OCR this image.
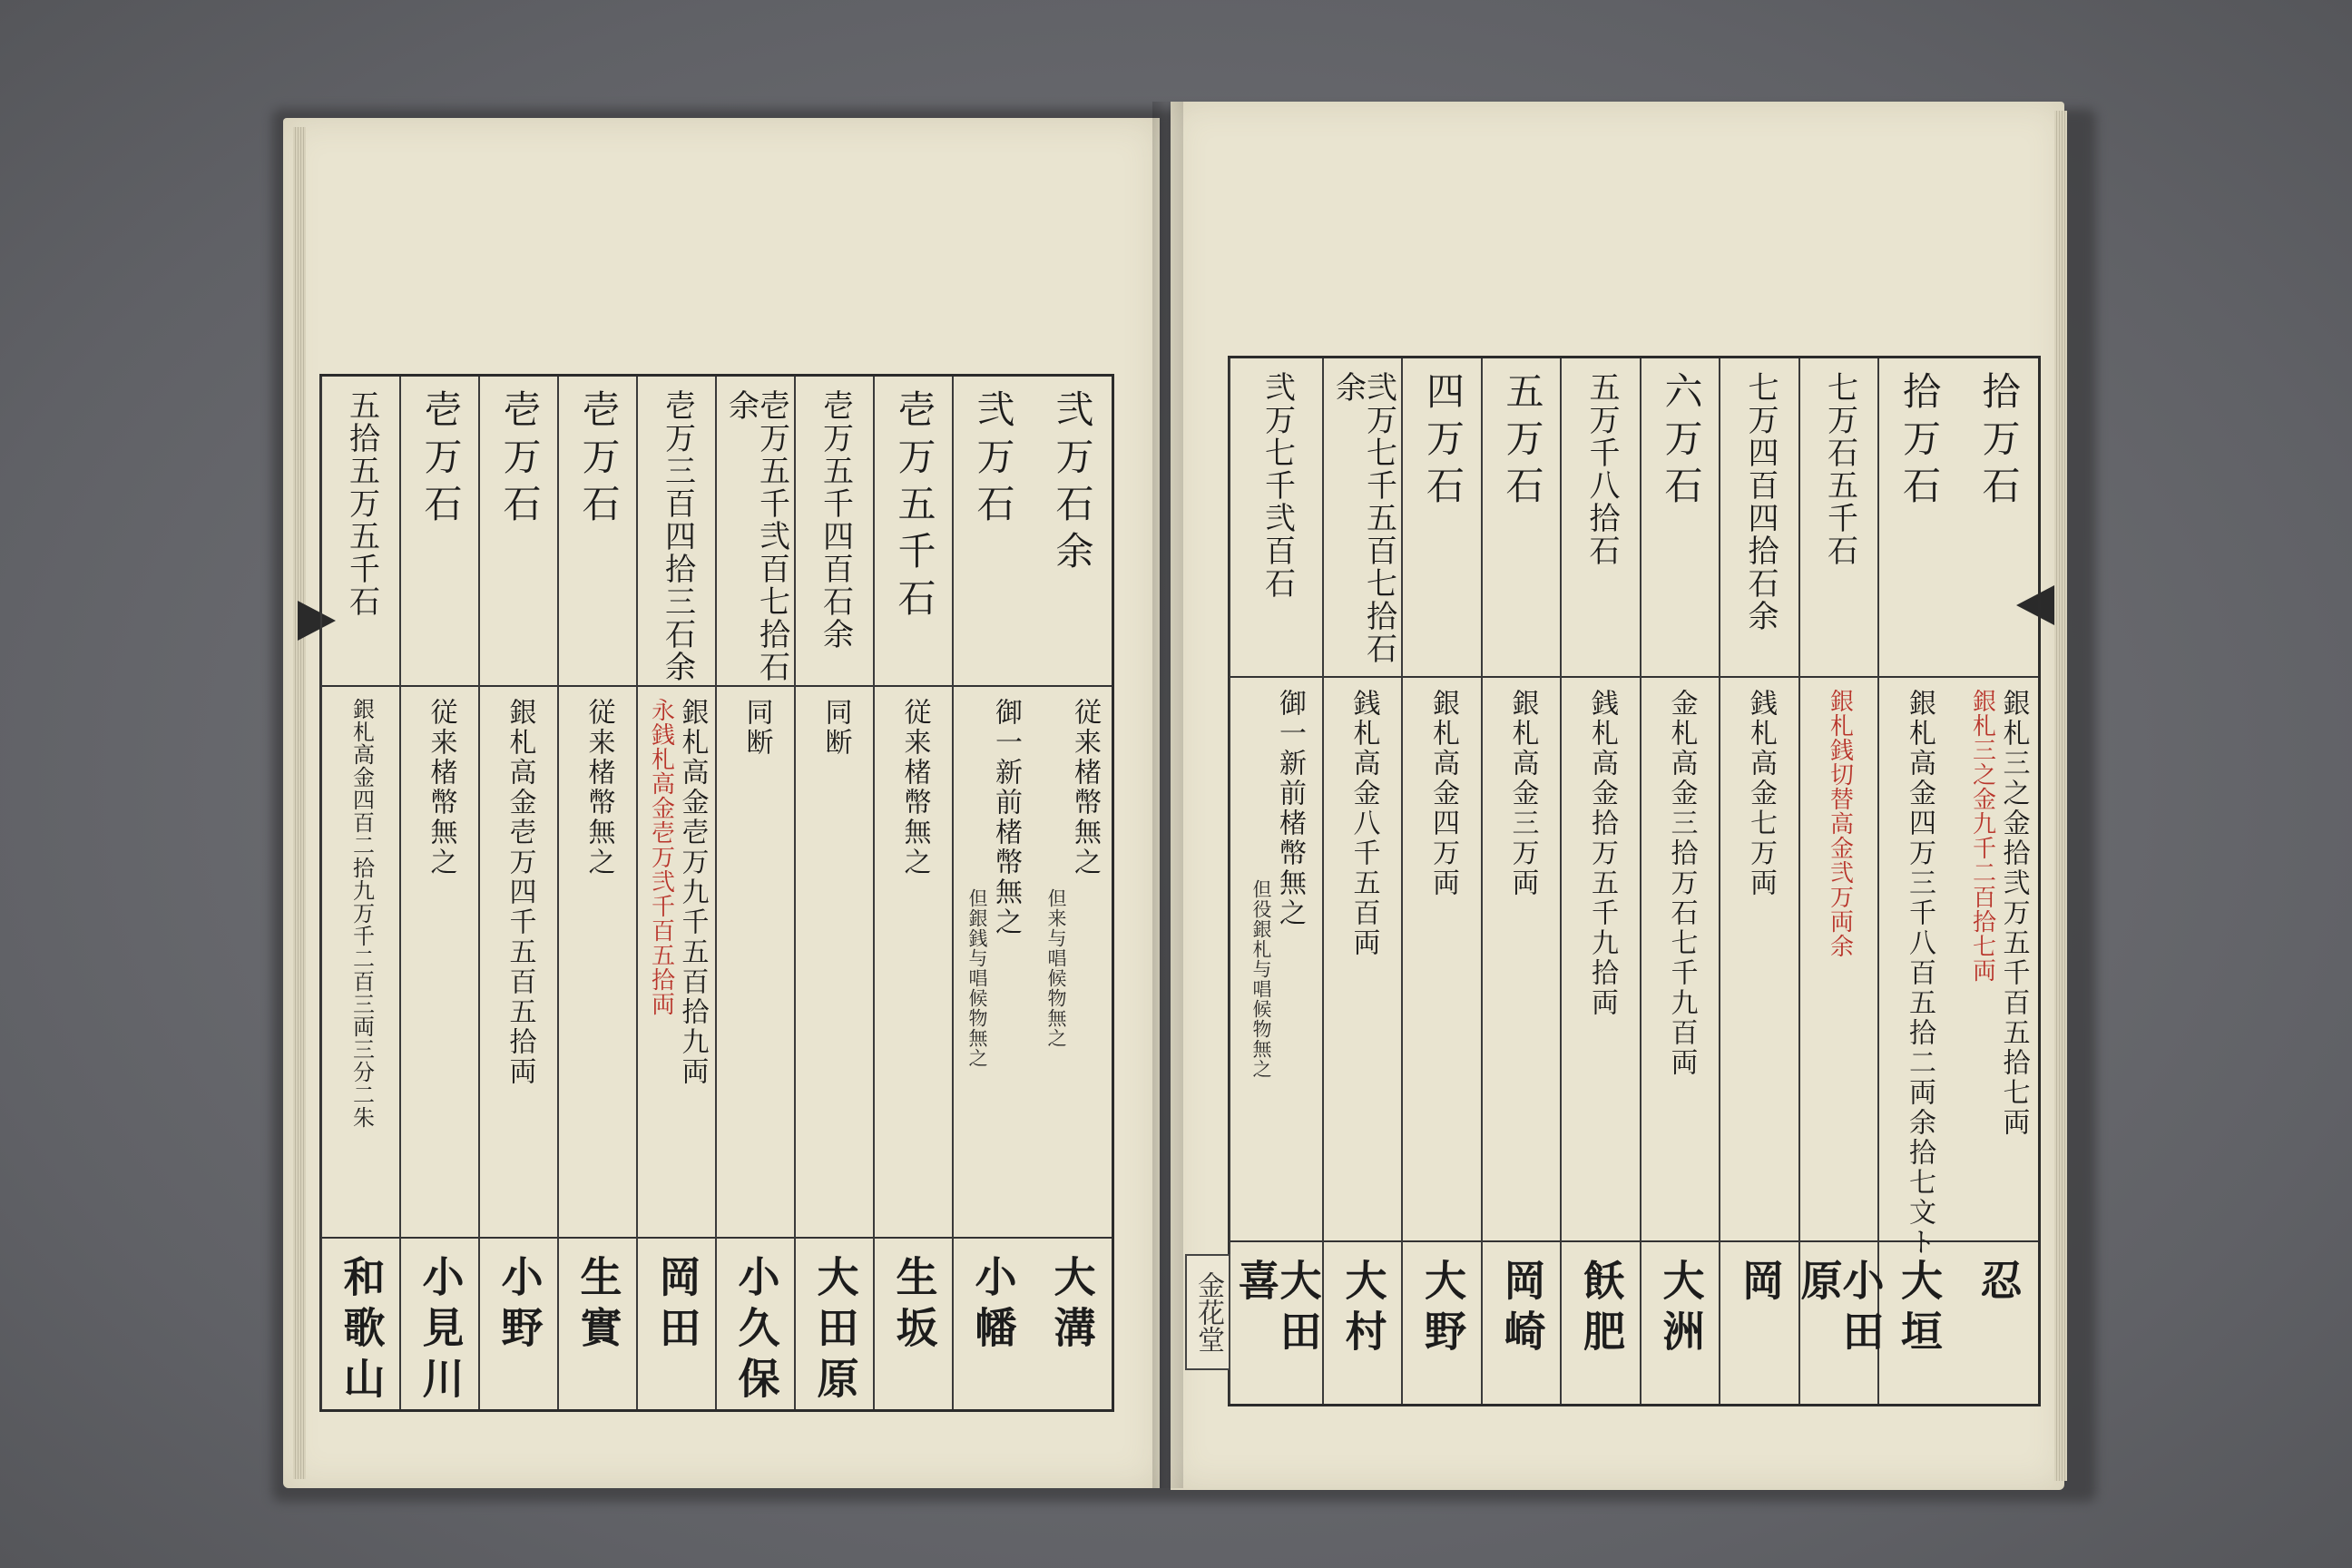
拾万石
銀札三之金拾弐万五千百五拾七両
銀札三之金九千二百拾七両
忍
拾万石
銀札高金四万三千八百五拾二両余拾七文ト
大垣
七万石五千石
銀札銭切替高金弐万両余
小田原
七万四百四拾石余
銭札高金七万両
岡
六万石
金札高金三拾万石七千九百両
大洲
五万千八拾石
銭札高金拾万五千九拾両
飫肥
五万石
銀札高金三万両
岡崎
四万石
銀札高金四万両
大野
弐万七千五百七拾石余
銭札高金八千五百両
大村
弐万七千弐百石
御一新前楮幣無之
但役銀札与唱候物無之
大田喜
弐万石余
従来楮幣無之
但来与唱候物無之
大溝
弐万石
御一新前楮幣無之
但銀銭与唱候物無之
小幡
壱万五千石
従来楮幣無之
生坂
壱万五千四百石余
同断
大田原
壱万五千弐百七拾石余
同断
小久保
壱万三百四拾三石余
銀札高金壱万九千五百拾九両
永銭札高金壱万弐千百五拾両
岡田
壱万石
従来楮幣無之
生實
壱万石
銀札高金壱万四千五百五拾両
小野
壱万石
従来楮幣無之
小見川
五拾五万五千石
銀札高金四百二拾九万千二百三両三分二朱
和歌山	金花堂
